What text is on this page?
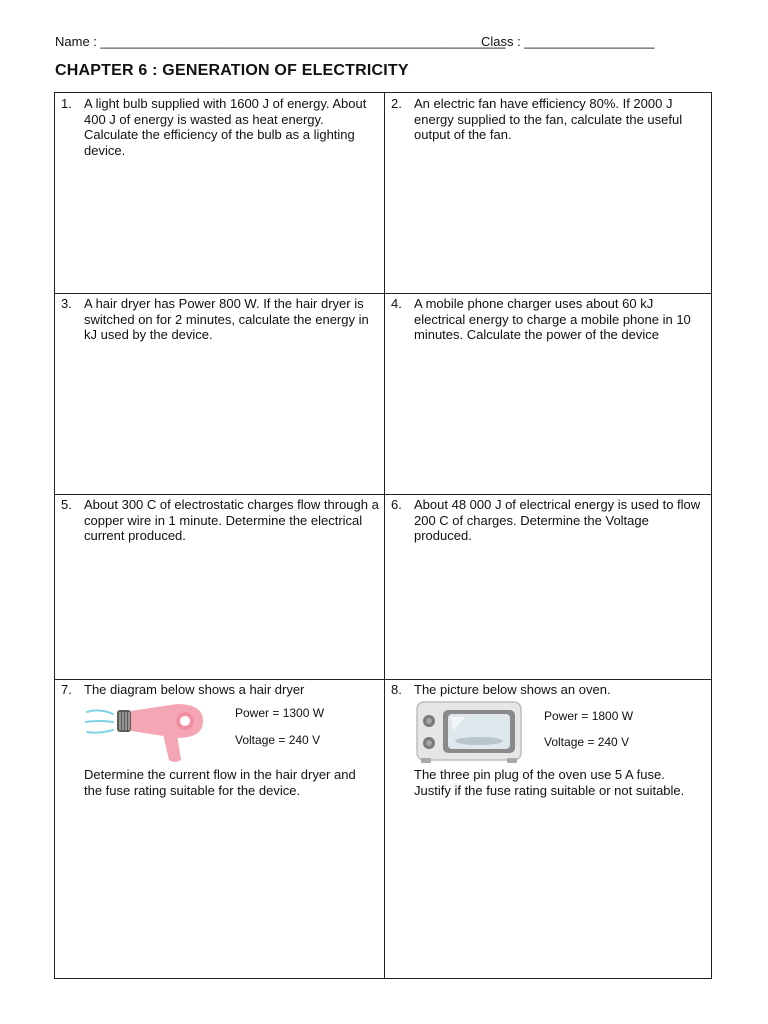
Name : ________________________________________________________
Class : __________________
CHAPTER 6 : GENERATION OF ELECTRICITY
1. A light bulb supplied with 1600 J of energy. About 400 J of energy is wasted as heat energy. Calculate the efficiency of the bulb as a lighting device.
2. An electric fan have efficiency 80%. If 2000 J energy supplied to the fan, calculate the useful output of the fan.
3. A hair dryer has Power 800 W. If the hair dryer is switched on for 2 minutes, calculate the energy in kJ used by the device.
4. A mobile phone charger uses about 60 kJ electrical energy to charge a mobile phone in 10 minutes. Calculate the power of the device
5. About 300 C of electrostatic charges flow through a copper wire in 1 minute. Determine the electrical current produced.
6. About 48 000 J of electrical energy is used to flow 200 C of charges. Determine the Voltage produced.
7. The diagram below shows a hair dryer
Power = 1300 W
Voltage = 240 V
Determine the current flow in the hair dryer and the fuse rating suitable for the device.
8. The picture below shows an oven.
Power = 1800 W
Voltage = 240 V
The three pin plug of the oven use 5 A fuse. Justify if the fuse rating suitable or not suitable.
